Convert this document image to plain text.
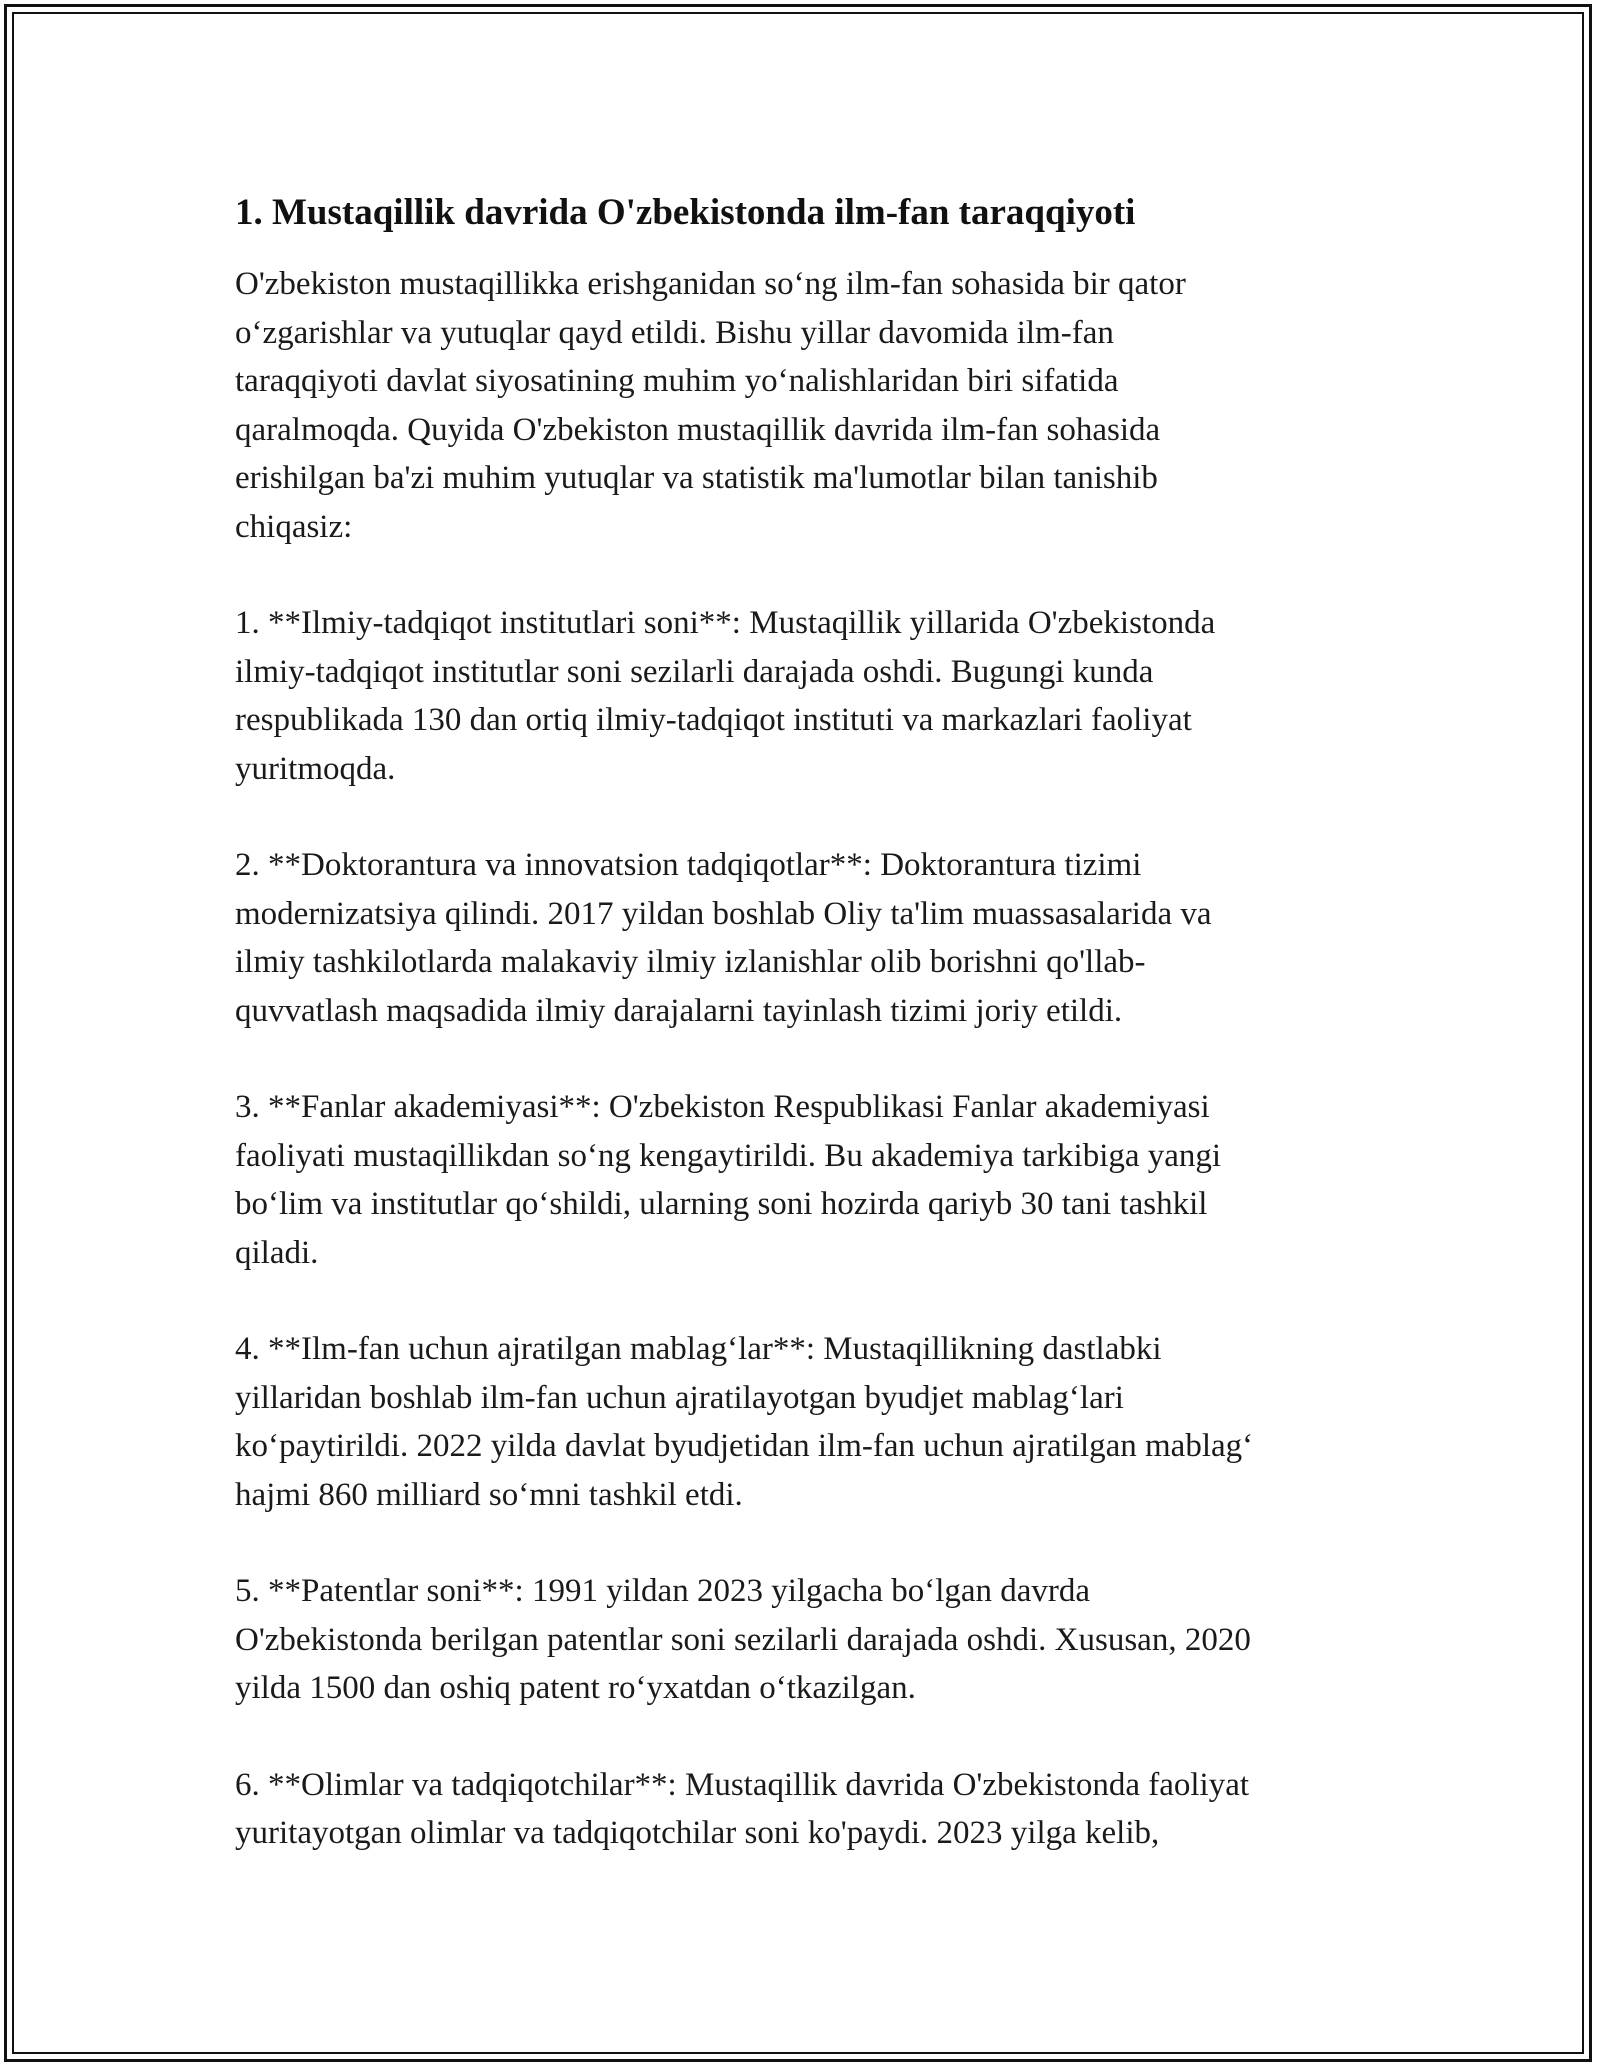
1. Mustaqillik davrida O'zbekistonda ilm-fan taraqqiyoti

O'zbekiston mustaqillikka erishganidan so‘ng ilm-fan sohasida bir qator
o‘zgarishlar va yutuqlar qayd etildi. Bishu yillar davomida ilm-fan
taraqqiyoti davlat siyosatining muhim yo‘nalishlaridan biri sifatida
qaralmoqda. Quyida O'zbekiston mustaqillik davrida ilm-fan sohasida
erishilgan ba'zi muhim yutuqlar va statistik ma'lumotlar bilan tanishib
chiqasiz:

1. **Ilmiy-tadqiqot institutlari soni**: Mustaqillik yillarida O'zbekistonda
ilmiy-tadqiqot institutlar soni sezilarli darajada oshdi. Bugungi kunda
respublikada 130 dan ortiq ilmiy-tadqiqot instituti va markazlari faoliyat
yuritmoqda.

2. **Doktorantura va innovatsion tadqiqotlar**: Doktorantura tizimi
modernizatsiya qilindi. 2017 yildan boshlab Oliy ta'lim muassasalarida va
ilmiy tashkilotlarda malakaviy ilmiy izlanishlar olib borishni qo'llab-
quvvatlash maqsadida ilmiy darajalarni tayinlash tizimi joriy etildi.

3. **Fanlar akademiyasi**: O'zbekiston Respublikasi Fanlar akademiyasi
faoliyati mustaqillikdan so‘ng kengaytirildi. Bu akademiya tarkibiga yangi
bo‘lim va institutlar qo‘shildi, ularning soni hozirda qariyb 30 tani tashkil
qiladi.

4. **Ilm-fan uchun ajratilgan mablag‘lar**: Mustaqillikning dastlabki
yillaridan boshlab ilm-fan uchun ajratilayotgan byudjet mablag‘lari
ko‘paytirildi. 2022 yilda davlat byudjetidan ilm-fan uchun ajratilgan mablag‘
hajmi 860 milliard so‘mni tashkil etdi.

5. **Patentlar soni**: 1991 yildan 2023 yilgacha bo‘lgan davrda
O'zbekistonda berilgan patentlar soni sezilarli darajada oshdi. Xususan, 2020
yilda 1500 dan oshiq patent ro‘yxatdan o‘tkazilgan.

6. **Olimlar va tadqiqotchilar**: Mustaqillik davrida O'zbekistonda faoliyat
yuritayotgan olimlar va tadqiqotchilar soni ko'paydi. 2023 yilga kelib,
